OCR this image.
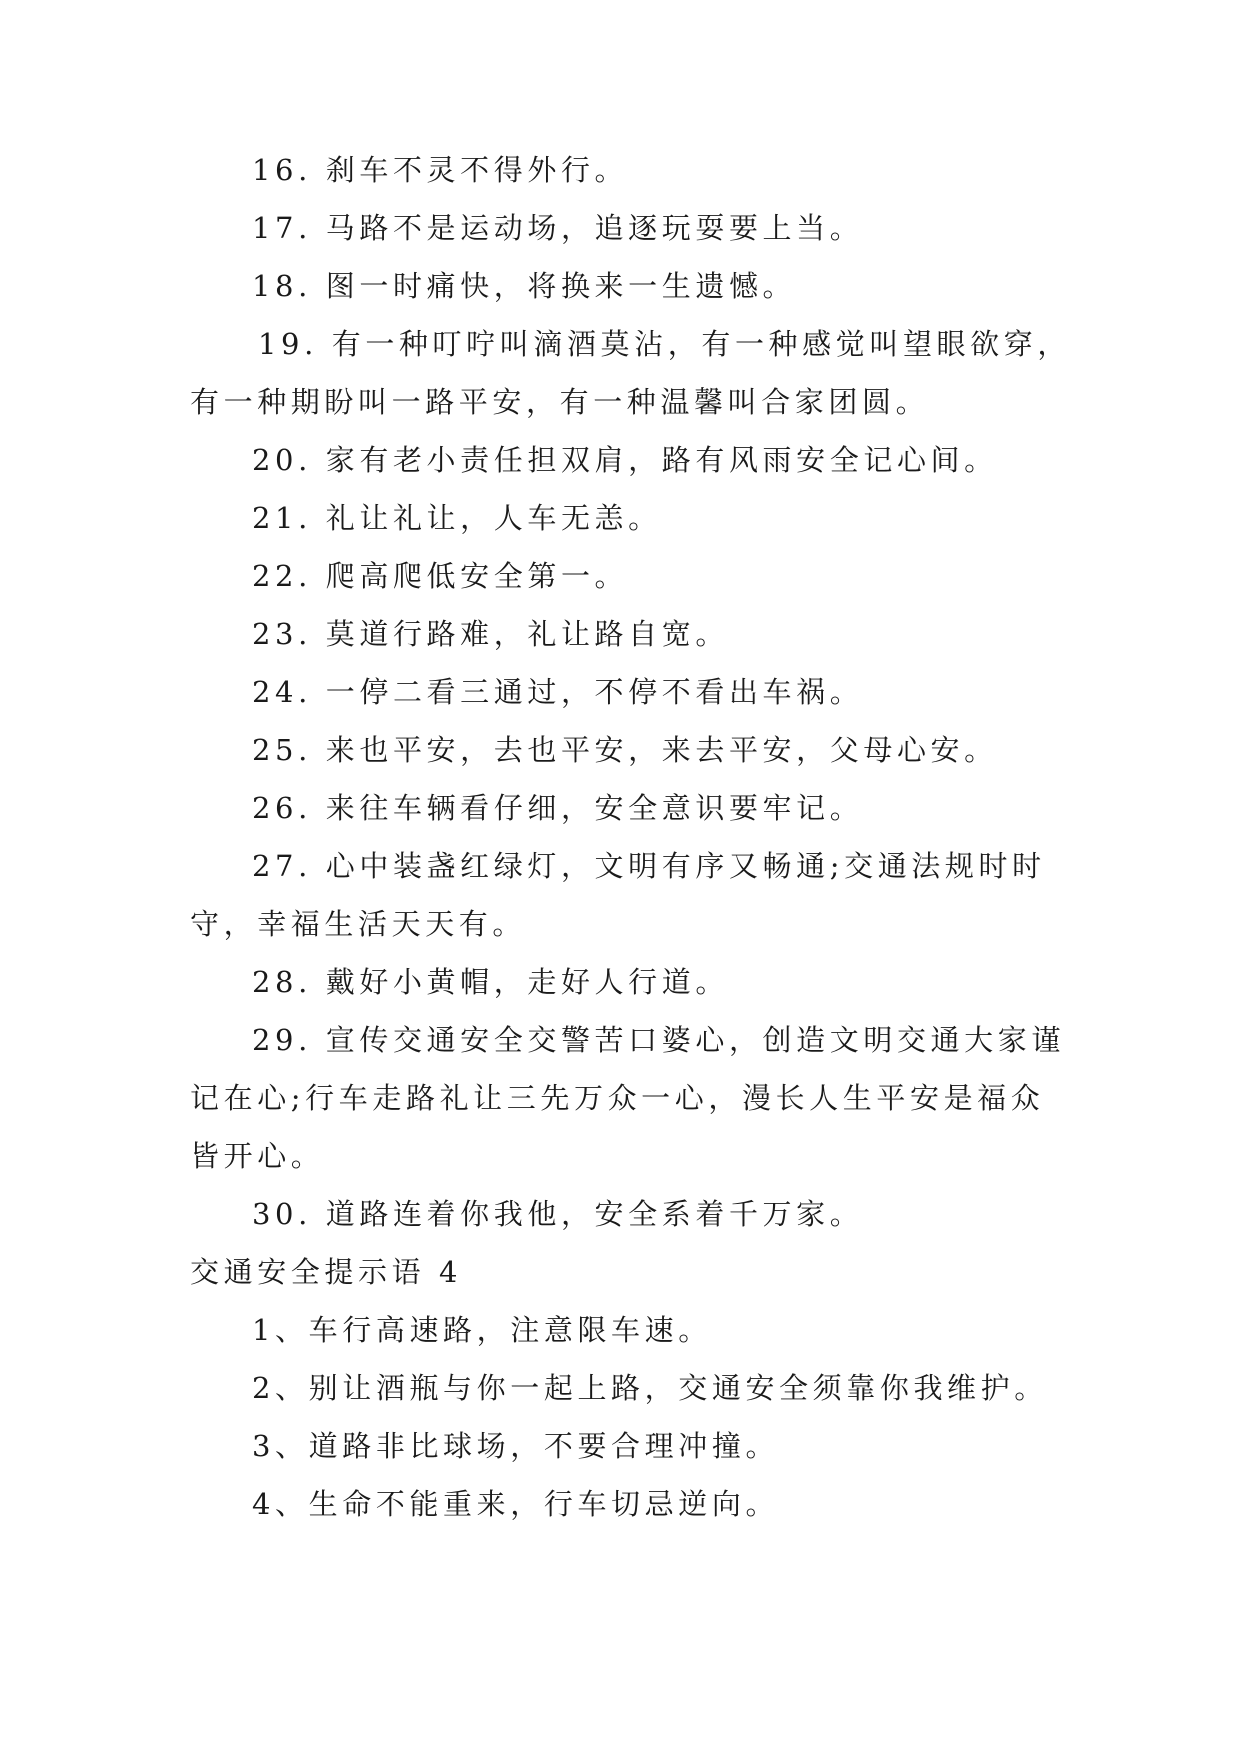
16. 刹车不灵不得外行。
17. 马路不是运动场，追逐玩耍要上当。
18. 图一时痛快，将换来一生遗憾。
19. 有一种叮咛叫滴酒莫沾，有一种感觉叫望眼欲穿，
有一种期盼叫一路平安，有一种温馨叫合家团圆。
20. 家有老小责任担双肩，路有风雨安全记心间。
21. 礼让礼让，人车无恙。
22. 爬高爬低安全第一。
23. 莫道行路难，礼让路自宽。
24. 一停二看三通过，不停不看出车祸。
25. 来也平安，去也平安，来去平安，父母心安。
26. 来往车辆看仔细，安全意识要牢记。
27. 心中装盏红绿灯，文明有序又畅通;交通法规时时
守，幸福生活天天有。
28. 戴好小黄帽，走好人行道。
29. 宣传交通安全交警苦口婆心，创造文明交通大家谨
记在心;行车走路礼让三先万众一心，漫长人生平安是福众
皆开心。
30. 道路连着你我他，安全系着千万家。
交通安全提示语 4
1、车行高速路，注意限车速。
2、别让酒瓶与你一起上路，交通安全须靠你我维护。
3、道路非比球场，不要合理冲撞。
4、生命不能重来，行车切忌逆向。
